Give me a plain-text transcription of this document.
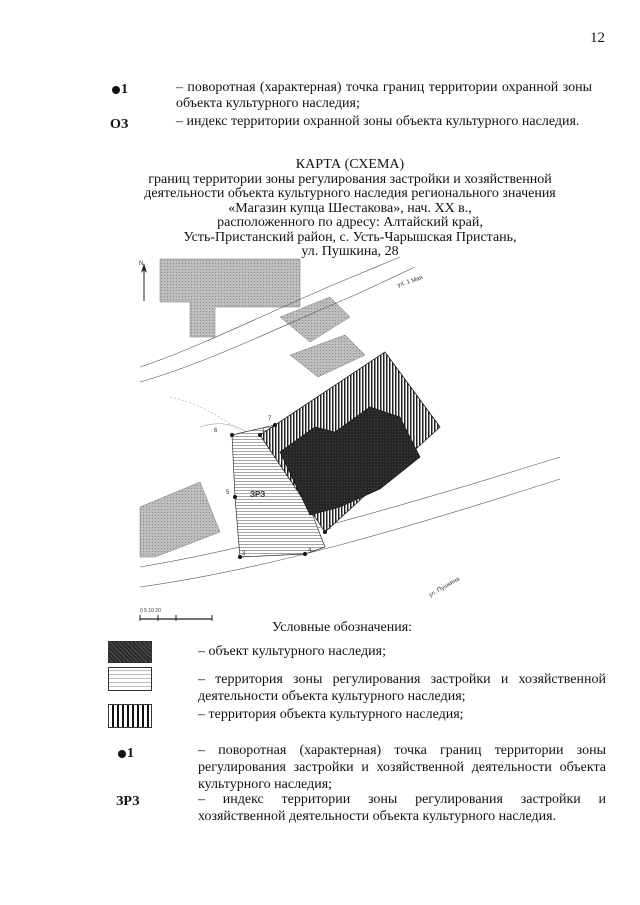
12
1	– поворотная (характерная) точка границ территории охранной зоны объекта культурного наследия;
ОЗ	– индекс территории охранной зоны объекта культурного наследия.
КАРТА (СХЕМА)
границ территории зоны регулирования застройки и хозяйственной
деятельности объекта культурного наследия регионального значения
«Магазин купца Шестакова», нач. XX в.,
расположенного по адресу: Алтайский край,
Усть-Пристанский район, с. Усть-Чарышская Пристань,
ул. Пушкина, 28
N
1
6
7
5
3	4
2
ЗРЗ
ул. 1 Мая
ул. Пушкина
0 5 10 20
Условные обозначения:
– объект культурного наследия;
– территория зоны регулирования застройки и хозяйственной деятельности объекта культурного наследия;
– территория объекта культурного наследия;
1	– поворотная (характерная) точка границ территории зоны регулирования застройки и хозяйственной деятельности объекта культурного наследия;
ЗРЗ	– индекс территории зоны регулирования застройки и хозяйственной деятельности объекта культурного наследия.
